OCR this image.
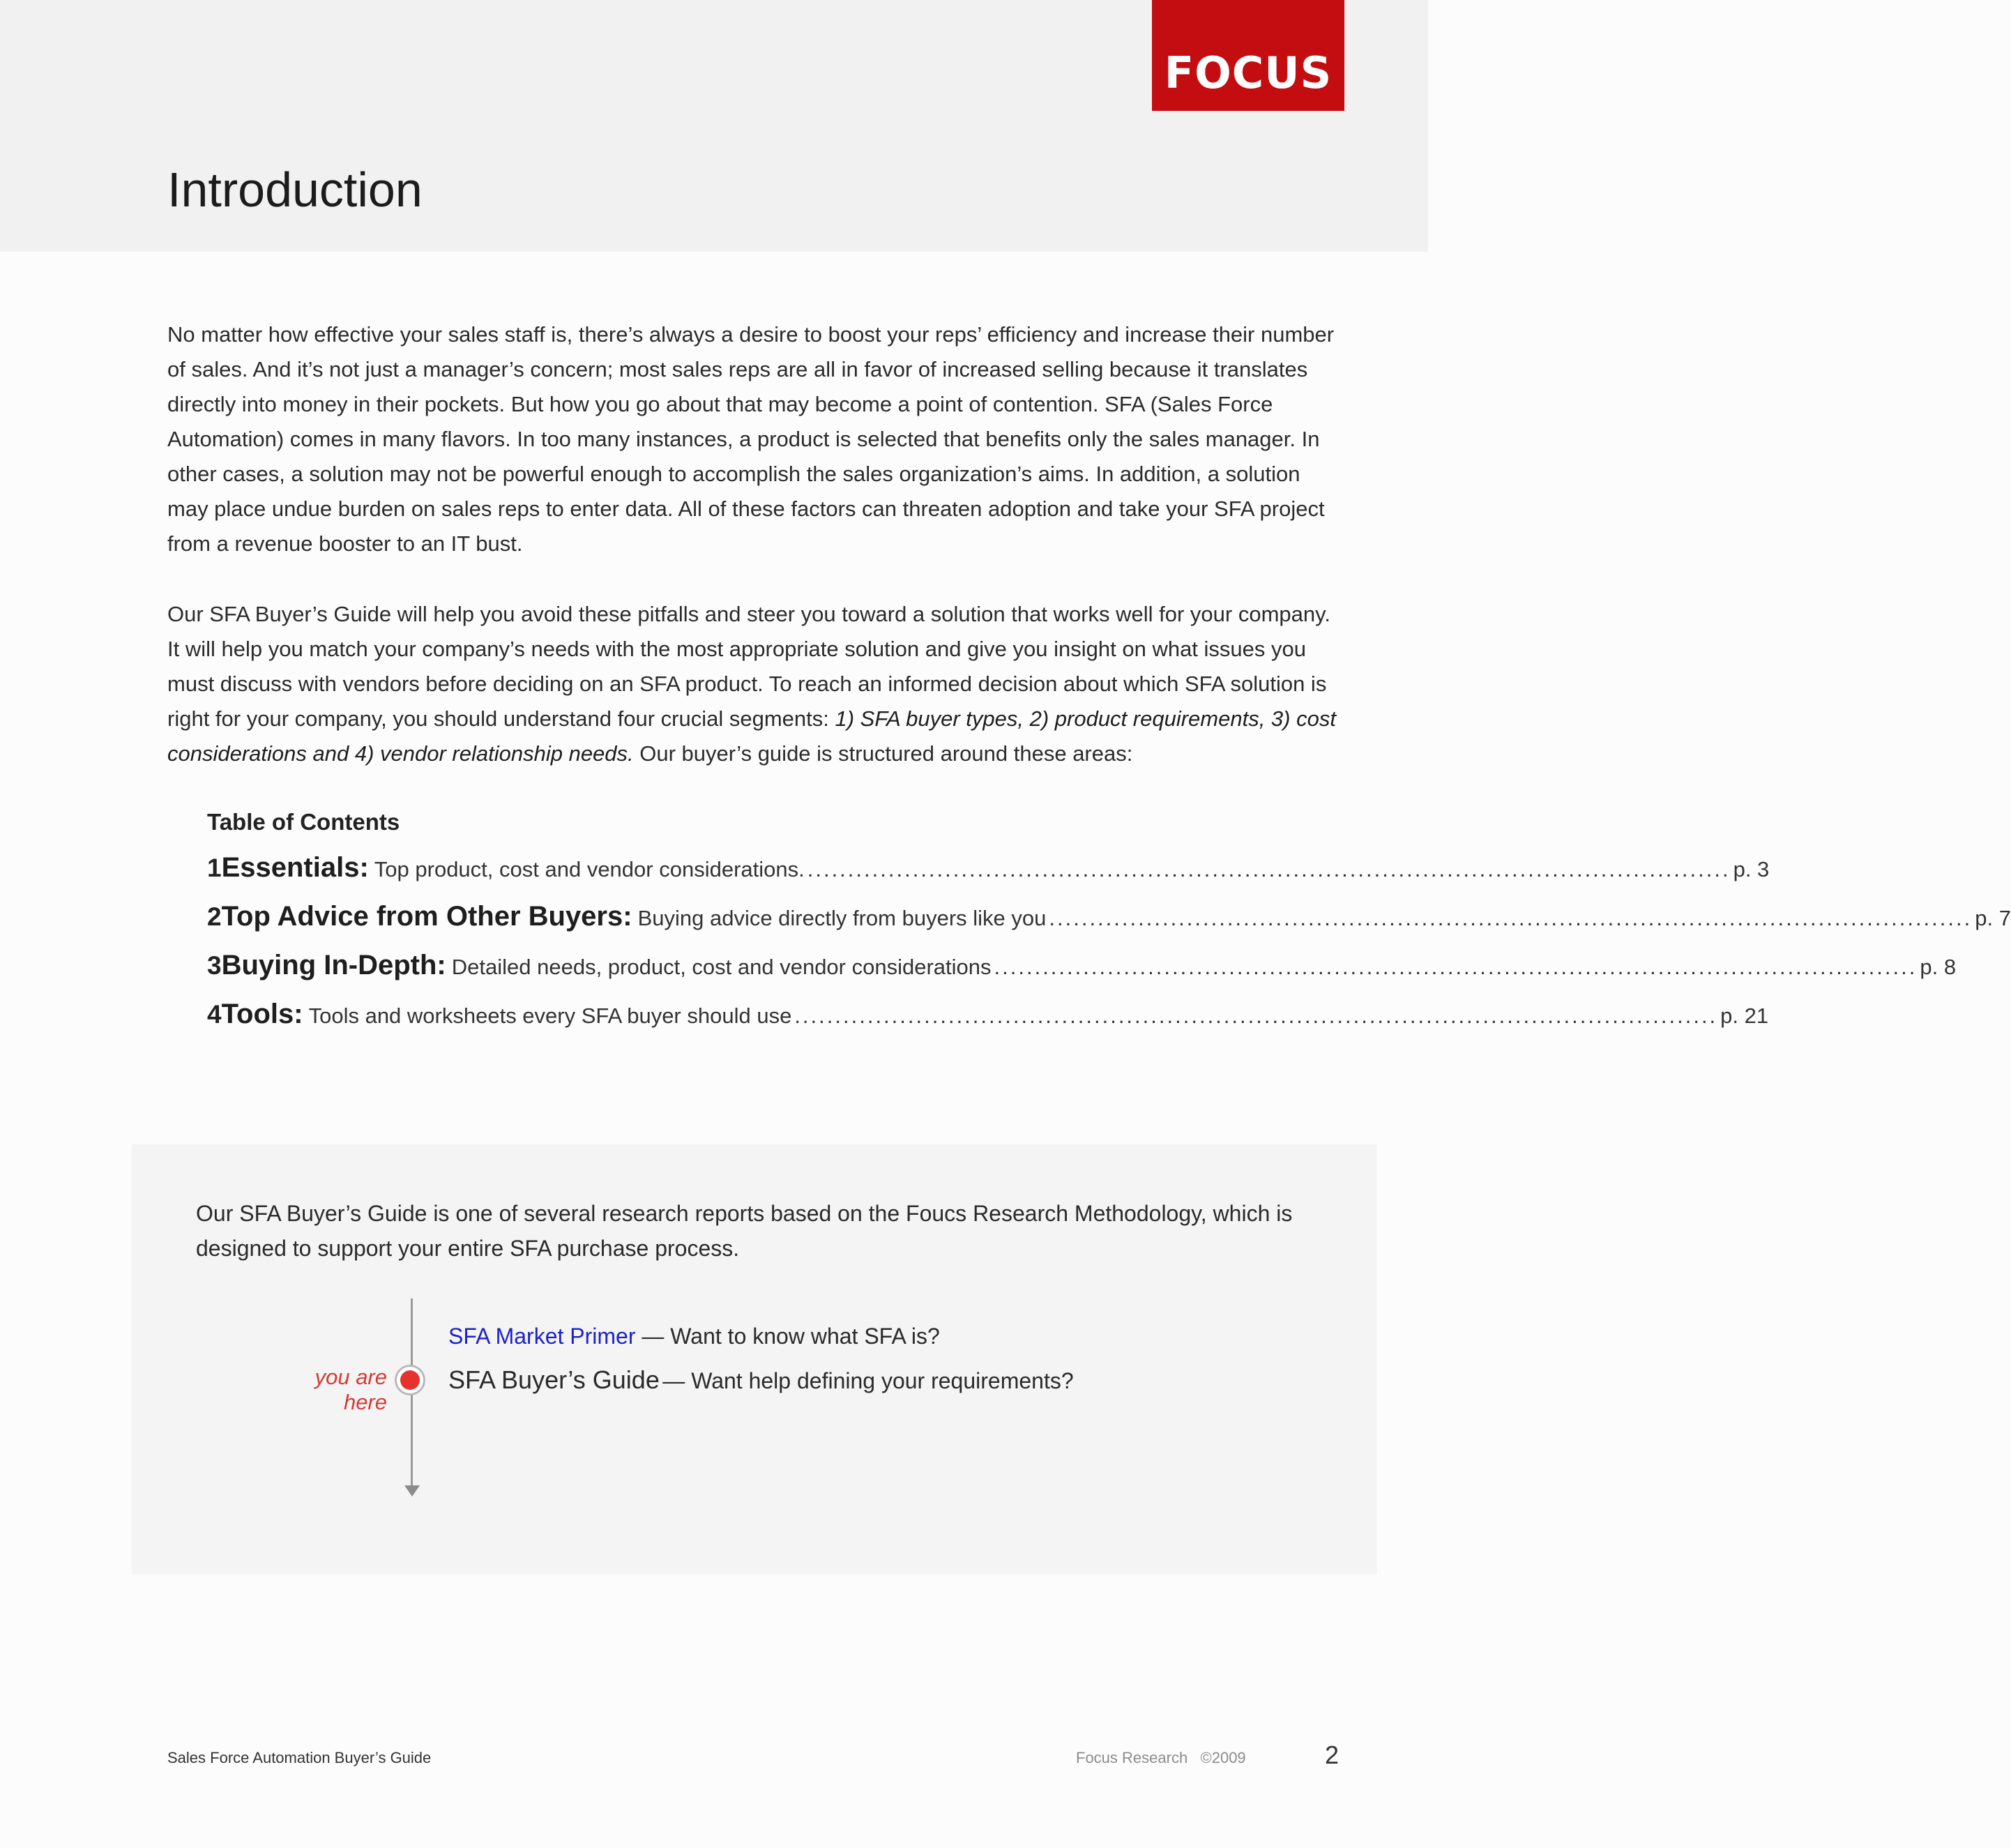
FOCUS
Introduction

No matter how effective your sales staff is, there’s always a desire to boost your reps’ efficiency and increase their number of sales. And it’s not just a manager’s concern; most sales reps are all in favor of increased selling because it translates directly into money in their pockets. But how you go about that may become a point of contention. SFA (Sales Force Automation) comes in many flavors. In too many instances, a product is selected that benefits only the sales manager. In other cases, a solution may not be powerful enough to accomplish the sales organization’s aims. In addition, a solution may place undue burden on sales reps to enter data. All of these factors can threaten adoption and take your SFA project from a revenue booster to an IT bust.

Our SFA Buyer’s Guide will help you avoid these pitfalls and steer you toward a solution that works well for your company. It will help you match your company’s needs with the most appropriate solution and give you insight on what issues you must discuss with vendors before deciding on an SFA product. To reach an informed decision about which SFA solution is right for your company, you should understand four crucial segments: 1) SFA buyer types, 2) product requirements, 3) cost considerations and 4) vendor relationship needs. Our buyer’s guide is structured around these areas:

Table of Contents
1 Essentials: Top product, cost and vendor considerations. .................................................................................................................. p. 3
2 Top Advice from Other Buyers: Buying advice directly from buyers like you .................................................................................................................. p. 7
3 Buying In-Depth: Detailed needs, product, cost and vendor considerations .................................................................................................................. p. 8
4 Tools: Tools and worksheets every SFA buyer should use .................................................................................................................. p. 21

Our SFA Buyer’s Guide is one of several research reports based on the Foucs Research Methodology, which is designed to support your entire SFA purchase process.

you are here
SFA Market Primer — Want to know what SFA is?
SFA Buyer’s Guide — Want help defining your requirements?
Sales Force Automation Buyer’s Guide	Focus Research   ©2009	2
